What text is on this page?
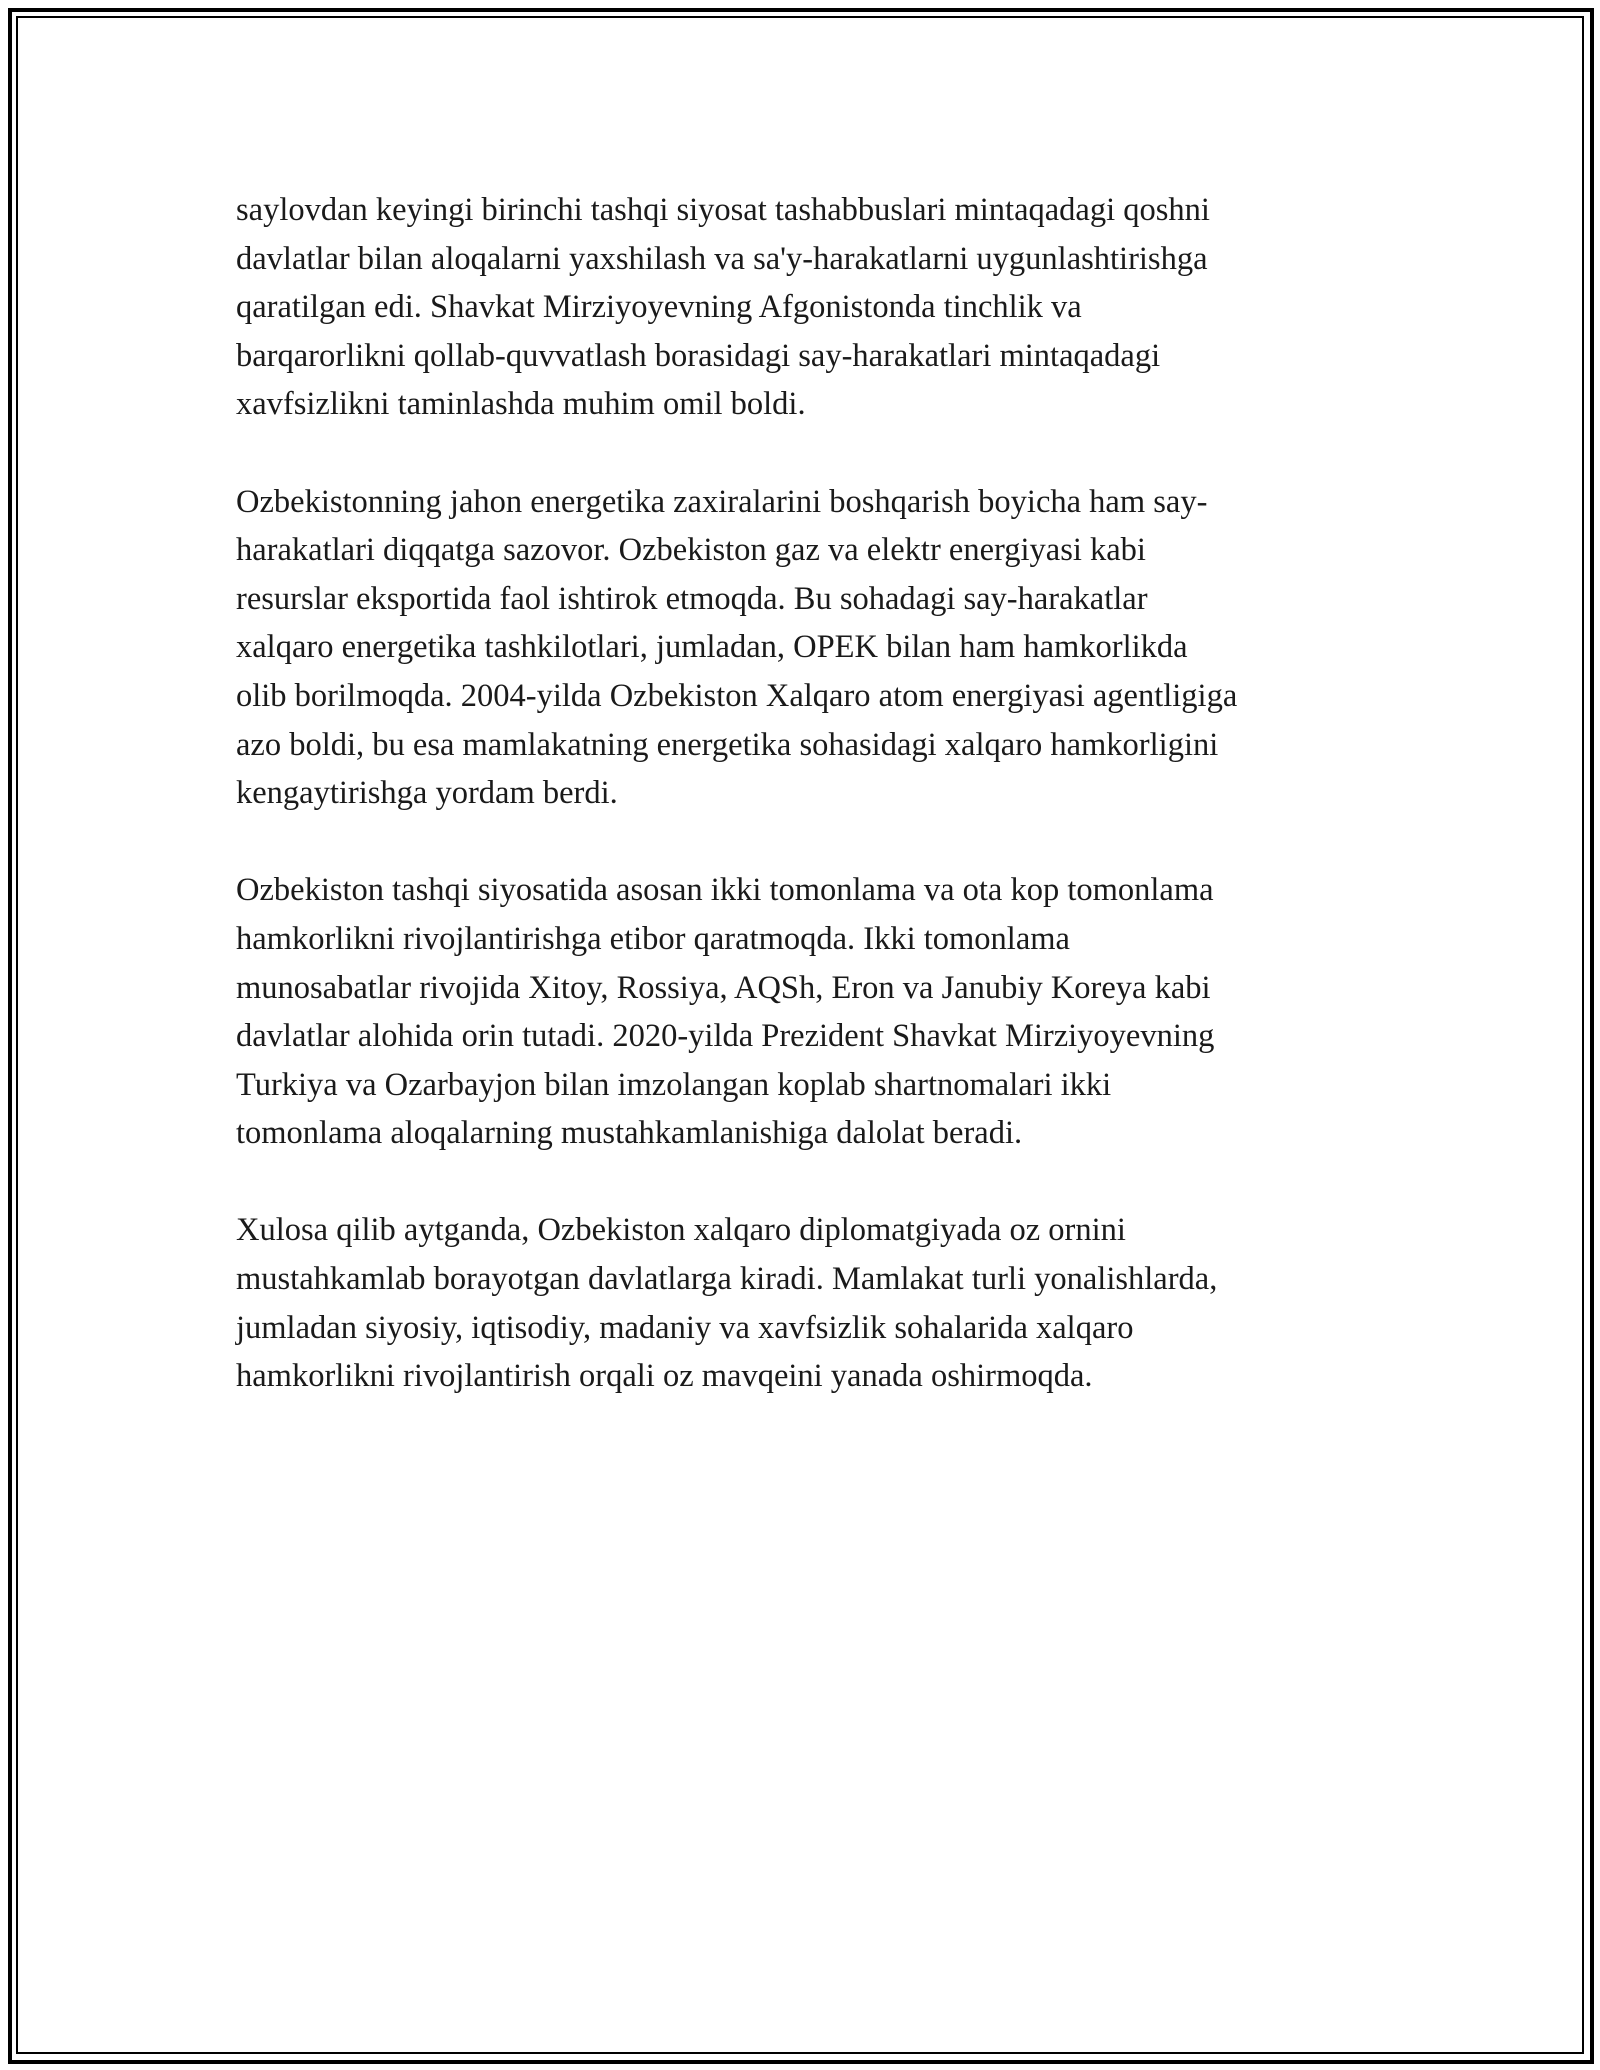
saylovdan keyingi birinchi tashqi siyosat tashabbuslari mintaqadagi qoshni
davlatlar bilan aloqalarni yaxshilash va sa'y-harakatlarni uygunlashtirishga
qaratilgan edi. Shavkat Mirziyoyevning Afgonistonda tinchlik va
barqarorlikni qollab-quvvatlash borasidagi say-harakatlari mintaqadagi
xavfsizlikni taminlashda muhim omil boldi.

Ozbekistonning jahon energetika zaxiralarini boshqarish boyicha ham say-
harakatlari diqqatga sazovor. Ozbekiston gaz va elektr energiyasi kabi
resurslar eksportida faol ishtirok etmoqda. Bu sohadagi say-harakatlar
xalqaro energetika tashkilotlari, jumladan, OPEK bilan ham hamkorlikda
olib borilmoqda. 2004-yilda Ozbekiston Xalqaro atom energiyasi agentligiga
azo boldi, bu esa mamlakatning energetika sohasidagi xalqaro hamkorligini
kengaytirishga yordam berdi.

Ozbekiston tashqi siyosatida asosan ikki tomonlama va ota kop tomonlama
hamkorlikni rivojlantirishga etibor qaratmoqda. Ikki tomonlama
munosabatlar rivojida Xitoy, Rossiya, AQSh, Eron va Janubiy Koreya kabi
davlatlar alohida orin tutadi. 2020-yilda Prezident Shavkat Mirziyoyevning
Turkiya va Ozarbayjon bilan imzolangan koplab shartnomalari ikki
tomonlama aloqalarning mustahkamlanishiga dalolat beradi.

Xulosa qilib aytganda, Ozbekiston xalqaro diplomatgiyada oz ornini
mustahkamlab borayotgan davlatlarga kiradi. Mamlakat turli yonalishlarda,
jumladan siyosiy, iqtisodiy, madaniy va xavfsizlik sohalarida xalqaro
hamkorlikni rivojlantirish orqali oz mavqeini yanada oshirmoqda.
